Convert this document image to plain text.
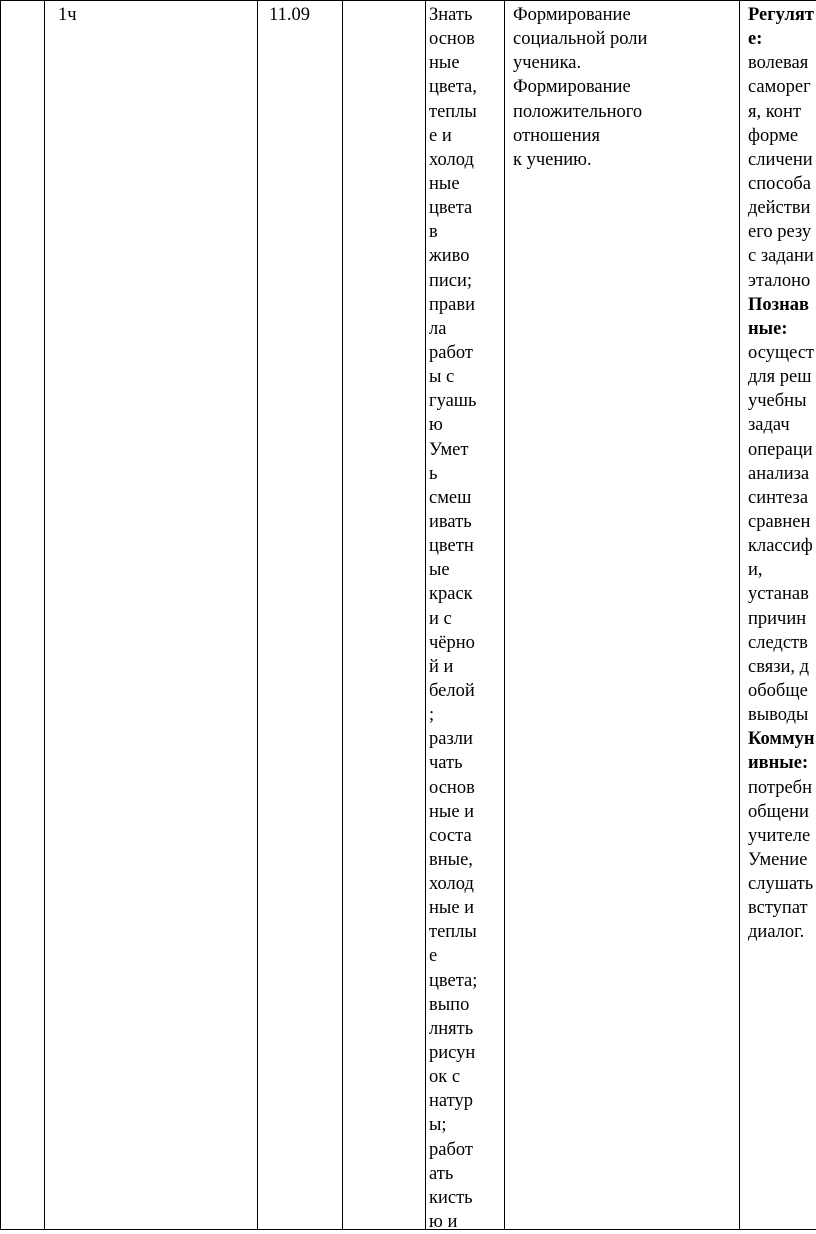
1ч	11.09	Знать
основ
ные
цвета,
теплы
е и
холод
ные
цвета
в
живо
писи;
прави
ла
работ
ы с
гуашь
ю
Умет
ь
смеш
ивать
цветн
ые
краск
и с
чёрно
й и
белой
;
разли
чать
основ
ные и
соста
вные,
холод
ные и
теплы
е
цвета;
выпо
лнять
рисун
ок с
натур
ы;
работ
ать
кисть
ю и
Формирование
социальной роли
ученика.
Формирование
положительного
отношения
к учению.
Регулят
е:
волевая
саморег
я, конт
форме
сличени
способа
действи
его резу
с задани
эталоно
Познав
ные:
осущест
для реш
учебны
задач
операци
анализа
синтеза
сравнен
классиф
и,
устанав
причин
следств
связи, д
обобще
выводы
Коммун
ивные:
потребн
общени
учителе
Умение
слушать
вступат
диалог.
